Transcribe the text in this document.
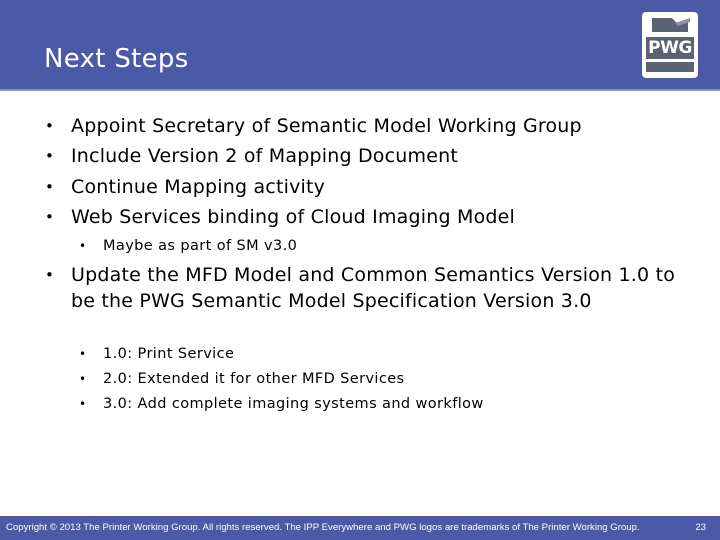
Next Steps	PWG
• Appoint Secretary of Semantic Model Working Group
• Include Version 2 of Mapping Document
• Continue Mapping activity
• Web Services binding of Cloud Imaging Model
• Maybe as part of SM v3.0
• Update the MFD Model and Common Semantics Version 1.0 to be the PWG Semantic Model Specification Version 3.0
• 1.0: Print Service
• 2.0: Extended it for other MFD Services
• 3.0: Add complete imaging systems and workflow
Copyright © 2013 The Printer Working Group. All rights reserved. The IPP Everywhere and PWG logos are trademarks of The Printer Working Group.	23
